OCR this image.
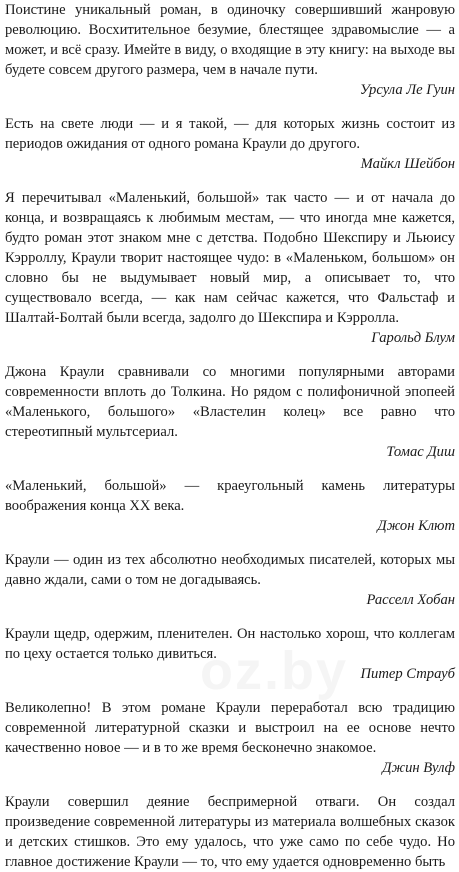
Поистине уникальный роман, в одиночку совершивший жанровую революцию. Восхитительное безумие, блестящее здравомыслие — а может, и всё сразу. Имейте в виду, о входящие в эту книгу: на выходе вы будете совсем другого размера, чем в начале пути.

Урсула Ле Гуин

Есть на свете люди — и я такой, — для которых жизнь состоит из периодов ожидания от одного романа Краули до другого.

Майкл Шейбон

Я перечитывал «Маленький, большой» так часто — и от начала до конца, и возвращаясь к любимым местам, — что иногда мне кажется, будто роман этот знаком мне с детства. Подобно Шекспиру и Льюису Кэрроллу, Краули творит настоящее чудо: в «Маленьком, большом» он словно бы не выдумывает новый мир, а описывает то, что существовало всегда, — как нам сейчас кажется, что Фальстаф и Шалтай-Болтай были всегда, задолго до Шекспира и Кэрролла.

Гарольд Блум

Джона Краули сравнивали со многими популярными авторами современности вплоть до Толкина. Но рядом с полифоничной эпопеей «Маленького, большого» «Властелин колец» все равно что стереотипный мультсериал.

Томас Диш

«Маленький, большой» — краеугольный камень литературы воображения конца XX века.

Джон Клют

Краули — один из тех абсолютно необходимых писателей, которых мы давно ждали, сами о том не догадываясь.

Расселл Хобан

Краули щедр, одержим, пленителен. Он настолько хорош, что коллегам по цеху остается только дивиться.

Питер Страуб

Великолепно! В этом романе Краули переработал всю традицию современной литературной сказки и выстроил на ее основе нечто качественно новое — и в то же время бесконечно знакомое.

Джин Вулф

Краули совершил деяние беспримерной отваги. Он создал произведение современной литературы из материала волшебных сказок и детских стишков. Это ему удалось, что уже само по себе чудо. Но главное достижение Краули — то, что ему удается одновременно быть

oz.by
